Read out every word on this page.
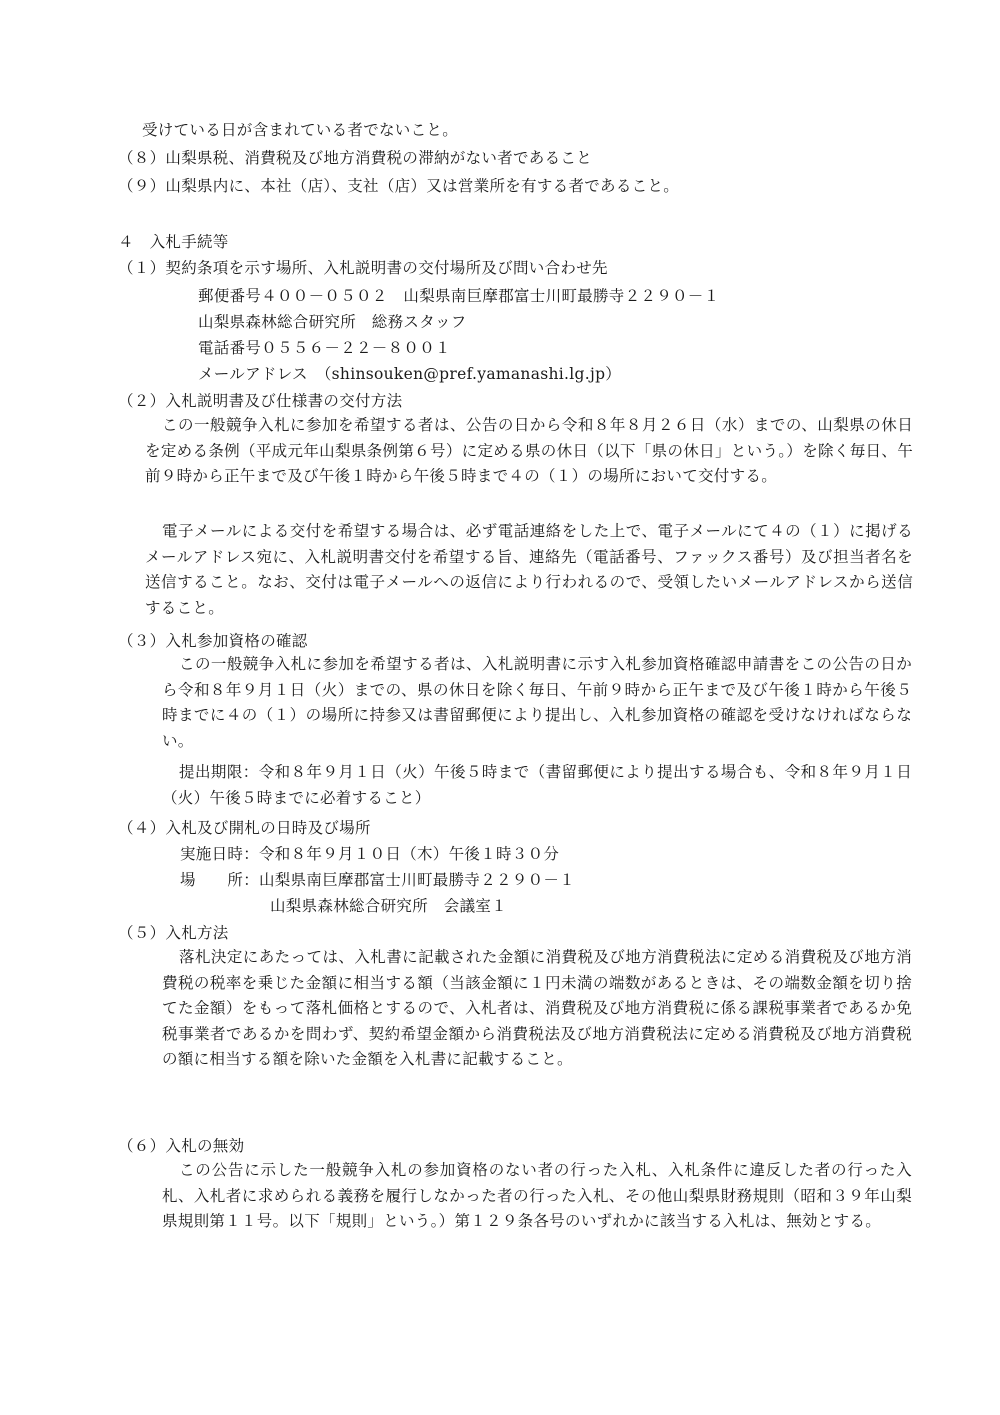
受けている日が含まれている者でないこと。
（８）山梨県税、消費税及び地方消費税の滞納がない者であること
（９）山梨県内に、本社（店）、支社（店）又は営業所を有する者であること。
４　入札手続等
（１）契約条項を示す場所、入札説明書の交付場所及び問い合わせ先
郵便番号４００－０５０２　山梨県南巨摩郡富士川町最勝寺２２９０－１
山梨県森林総合研究所　総務スタッフ
電話番号０５５６－２２－８００１
メールアドレス　（shinsouken@pref.yamanashi.lg.jp）
（２）入札説明書及び仕様書の交付方法
この一般競争入札に参加を希望する者は、公告の日から令和８年８月２６日（水）までの、山梨県の休日を定める条例（平成元年山梨県条例第６号）に定める県の休日（以下「県の休日」という。）を除く毎日、午前９時から正午まで及び午後１時から午後５時まで４の（１）の場所において交付する。
電子メールによる交付を希望する場合は、必ず電話連絡をした上で、電子メールにて４の（１）に掲げるメールアドレス宛に、入札説明書交付を希望する旨、連絡先（電話番号、ファックス番号）及び担当者名を送信すること。なお、交付は電子メールへの返信により行われるので、受領したいメールアドレスから送信すること。
（３）入札参加資格の確認
この一般競争入札に参加を希望する者は、入札説明書に示す入札参加資格確認申請書をこの公告の日から令和８年９月１日（火）までの、県の休日を除く毎日、午前９時から正午まで及び午後１時から午後５時までに４の（１）の場所に持参又は書留郵便により提出し、入札参加資格の確認を受けなければならない。
提出期限：令和８年９月１日（火）午後５時まで（書留郵便により提出する場合も、令和８年９月１日（火）午後５時までに必着すること）
（４）入札及び開札の日時及び場所
実施日時：令和８年９月１０日（木）午後１時３０分
場　　所：山梨県南巨摩郡富士川町最勝寺２２９０－１
山梨県森林総合研究所　会議室１
（５）入札方法
落札決定にあたっては、入札書に記載された金額に消費税及び地方消費税法に定める消費税及び地方消費税の税率を乗じた金額に相当する額（当該金額に１円未満の端数があるときは、その端数金額を切り捨てた金額）をもって落札価格とするので、入札者は、消費税及び地方消費税に係る課税事業者であるか免税事業者であるかを問わず、契約希望金額から消費税法及び地方消費税法に定める消費税及び地方消費税の額に相当する額を除いた金額を入札書に記載すること。
（６）入札の無効
この公告に示した一般競争入札の参加資格のない者の行った入札、入札条件に違反した者の行った入札、入札者に求められる義務を履行しなかった者の行った入札、その他山梨県財務規則（昭和３９年山梨県規則第１１号。以下「規則」という。）第１２９条各号のいずれかに該当する入札は、無効とする。
